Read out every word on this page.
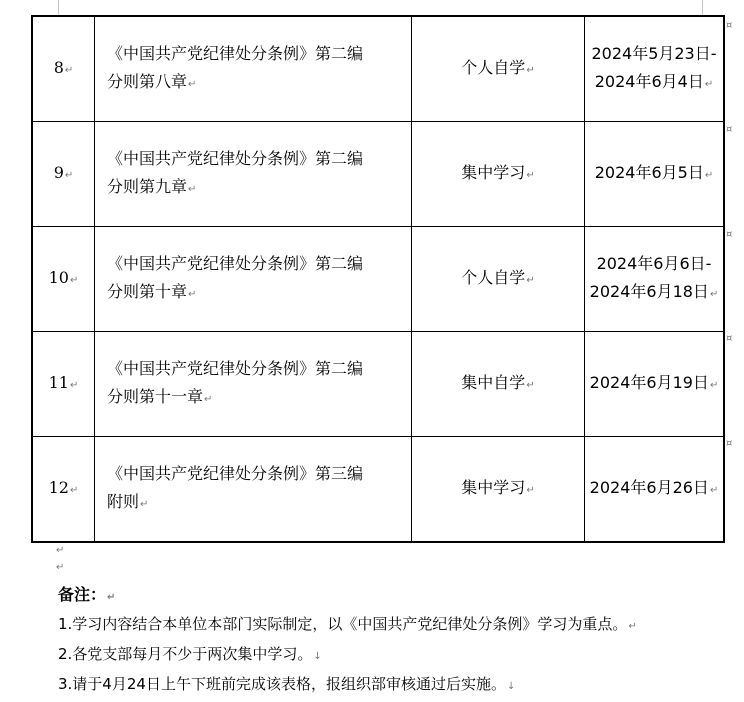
8↵	《中国共产党纪律处分条例》第二编
分则第八章↵	个人自学↵	2024年5月23日-
2024年6月4日↵
9↵	《中国共产党纪律处分条例》第二编
分则第九章↵	集中学习↵	2024年6月5日↵
10↵	《中国共产党纪律处分条例》第二编
分则第十章↵	个人自学↵	2024年6月6日-
2024年6月18日↵
11↵	《中国共产党纪律处分条例》第二编
分则第十一章↵	集中自学↵	2024年6月19日↵
12↵	《中国共产党纪律处分条例》第三编
附则↵	集中学习↵	2024年6月26日↵
¤
¤
¤
¤
¤
↵
↵
备注：↵
1.学习内容结合本单位本部门实际制定，以《中国共产党纪律处分条例》学习为重点。↵
2.各党支部每月不少于两次集中学习。↓
3.请于4月24日上午下班前完成该表格，报组织部审核通过后实施。↓
